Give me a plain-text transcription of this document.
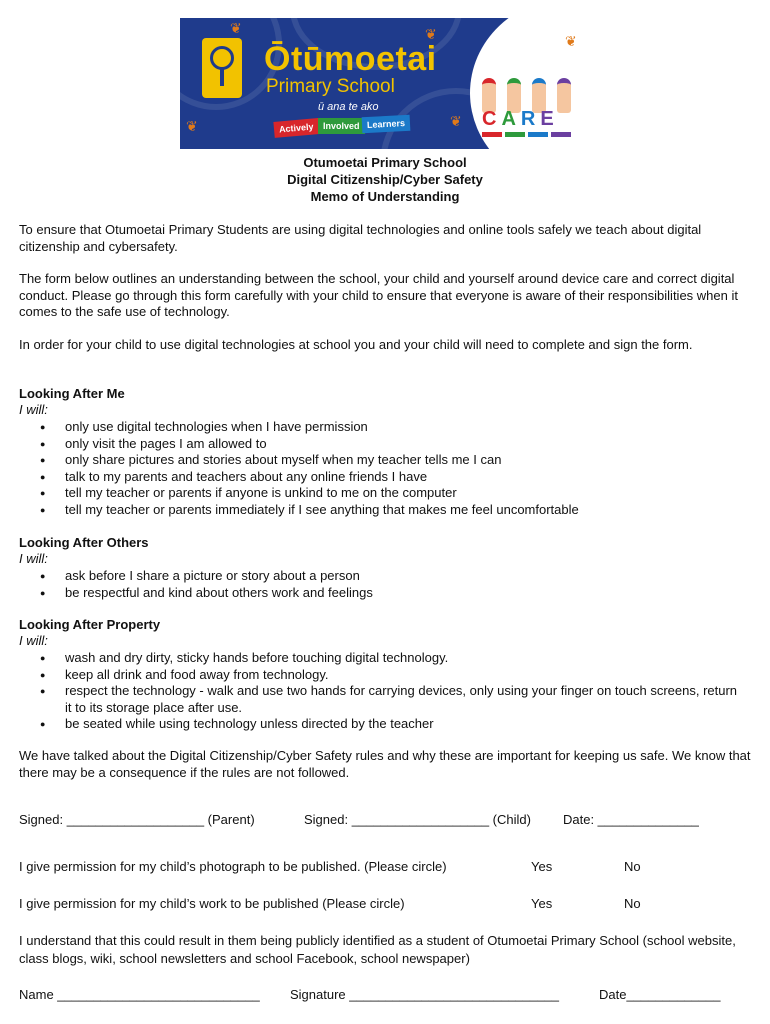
Ōtūmoetai
Primary School
ū ana te ako
Actively	Involved Learners
❦
❦
❦
❦
❦
CARE
Otumoetai Primary School
Digital Citizenship/Cyber Safety
Memo of Understanding

To ensure that Otumoetai Primary Students are using digital technologies and online tools safely we teach about digital citizenship and cybersafety.

The form below outlines an understanding between the school, your child and yourself around device care and correct digital conduct. Please go through this form carefully with your child to ensure that everyone is aware of their responsibilities when it comes to the safe use of technology.

In order for your child to use digital technologies at school you and your child will need to complete and sign the form.

Looking After Me
I will:
● only use digital technologies when I have permission
● only visit the pages I am allowed to
● only share pictures and stories about myself when my teacher tells me I can
● talk to my parents and teachers about any online friends I have
● tell my teacher or parents if anyone is unkind to me on the computer
● tell my teacher or parents immediately if I see anything that makes me feel uncomfortable
Looking After Others
I will:
● ask before I share a picture or story about a person
● be respectful and kind about others work and feelings
Looking After Property
I will:
● wash and dry dirty, sticky hands before touching digital technology.
● keep all drink and food away from technology.
● respect the technology - walk and use two hands for carrying devices, only using your finger on touch screens, return it to its storage place after use.
● be seated while using technology unless directed by the teacher

We have talked about the Digital Citizenship/Cyber Safety rules and why these are important for keeping us safe. We know that there may be a consequence if the rules are not followed.

Signed: ___________________ (Parent)	Signed: ___________________ (Child) Date: ______________
I give permission for my child’s photograph to be published. (Please circle)	Yes	No
I give permission for my child’s work to be published (Please circle)	Yes	No

I understand that this could result in them being publicly identified as a student of Otumoetai Primary School (school website, class blogs, wiki, school newsletters and school Facebook, school newspaper)

Name ____________________________ Signature _____________________________	Date_____________
